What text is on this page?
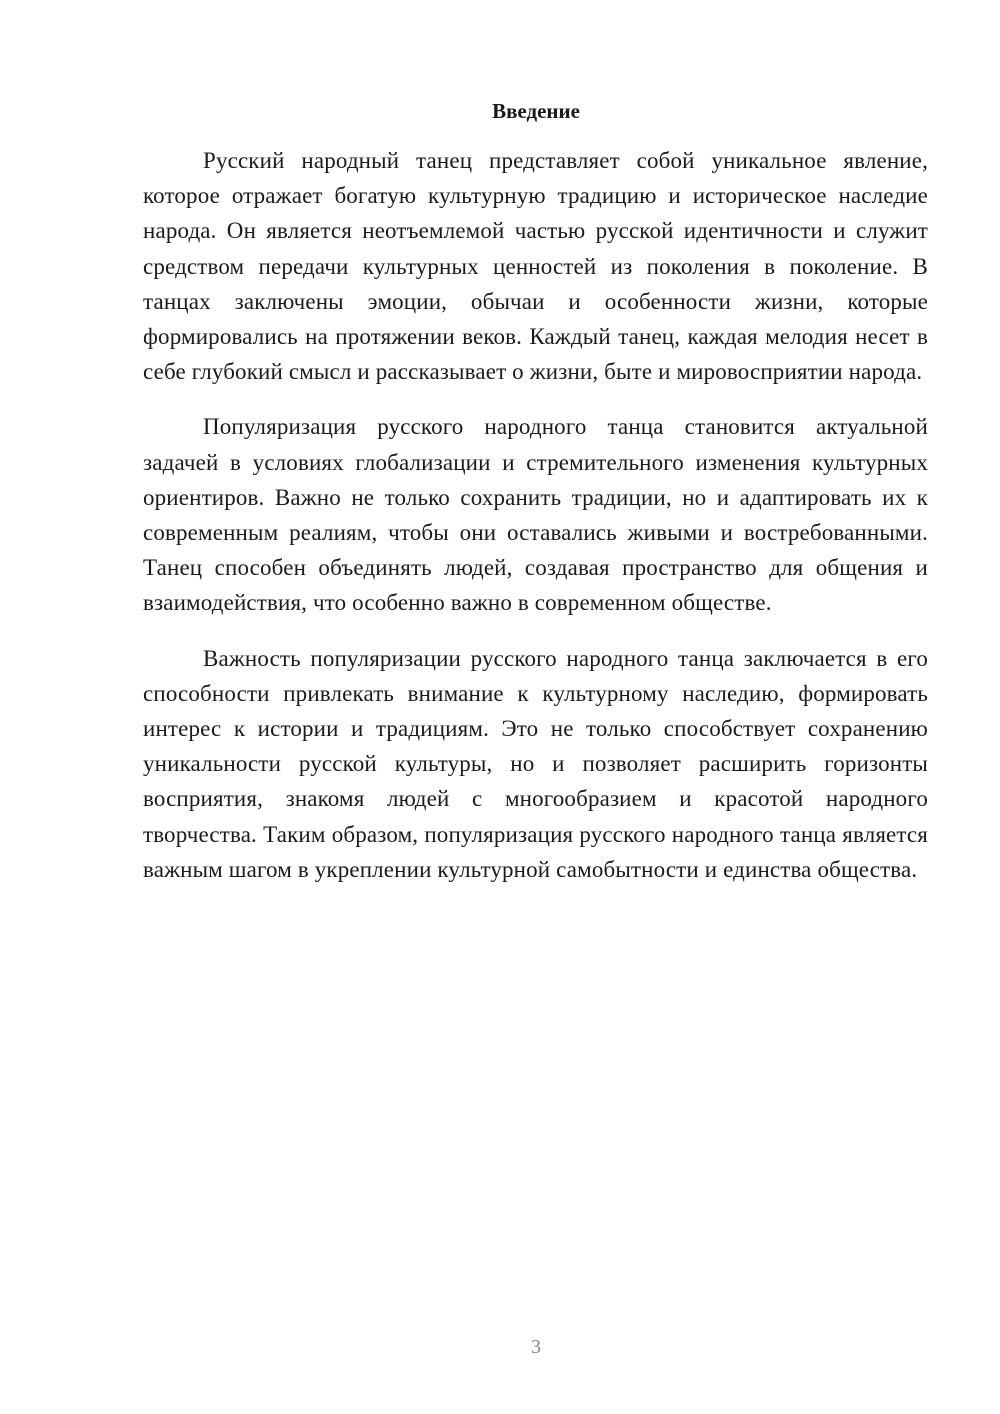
Введение

Русский народный танец представляет собой уникальное явление, которое отражает богатую культурную традицию и историческое наследие народа. Он является неотъемлемой частью русской идентичности и служит средством передачи культурных ценностей из поколения в поколение. В танцах заключены эмоции, обычаи и особенности жизни, которые формировались на протяжении веков. Каждый танец, каждая мелодия несет в себе глубокий смысл и рассказывает о жизни, быте и мировосприятии народа.

Популяризация русского народного танца становится актуальной задачей в условиях глобализации и стремительного изменения культурных ориентиров. Важно не только сохранить традиции, но и адаптировать их к современным реалиям, чтобы они оставались живыми и востребованными. Танец способен объединять людей, создавая пространство для общения и взаимодействия, что особенно важно в современном обществе.

Важность популяризации русского народного танца заключается в его способности привлекать внимание к культурному наследию, формировать интерес к истории и традициям. Это не только способствует сохранению уникальности русской культуры, но и позволяет расширить горизонты восприятия, знакомя людей с многообразием и красотой народного творчества. Таким образом, популяризация русского народного танца является важным шагом в укреплении культурной самобытности и единства общества.

3
